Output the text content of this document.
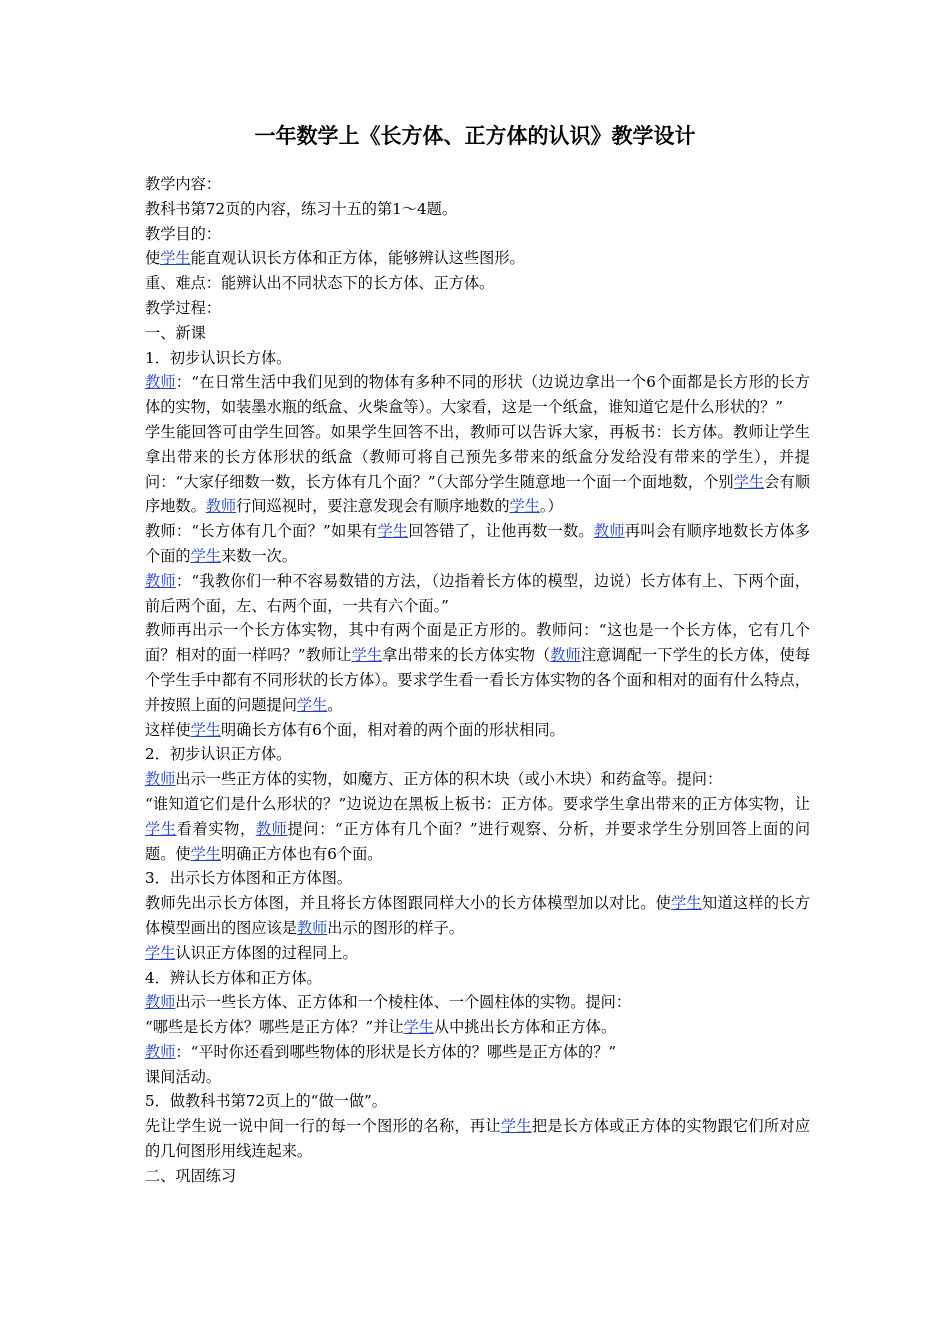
一年数学上《长方体、正方体的认识》教学设计

教学内容：

教科书第72页的内容，练习十五的第1～4题。

教学目的：

使学生能直观认识长方体和正方体，能够辨认这些图形。

重、难点：能辨认出不同状态下的长方体、正方体。

教学过程：

一、新课

1．初步认识长方体。

教师：“在日常生活中我们见到的物体有多种不同的形状（边说边拿出一个6个面都是长方形的长方体的实物，如装墨水瓶的纸盒、火柴盒等）。大家看，这是一个纸盒，谁知道它是什么形状的？”

学生能回答可由学生回答。如果学生回答不出，教师可以告诉大家，再板书：长方体。教师让学生拿出带来的长方体形状的纸盒（教师可将自己预先多带来的纸盒分发给没有带来的学生），并提问：“大家仔细数一数，长方体有几个面？”（大部分学生随意地一个面一个面地数，个别学生会有顺序地数。教师行间巡视时，要注意发现会有顺序地数的学生。）

教师：“长方体有几个面？”如果有学生回答错了，让他再数一数。教师再叫会有顺序地数长方体多个面的学生来数一次。

教师：“我教你们一种不容易数错的方法，（边指着长方体的模型，边说）长方体有上、下两个面，前后两个面，左、右两个面，一共有六个面。”

教师再出示一个长方体实物，其中有两个面是正方形的。教师问：“这也是一个长方体，它有几个面？相对的面一样吗？”教师让学生拿出带来的长方体实物（教师注意调配一下学生的长方体，使每个学生手中都有不同形状的长方体）。要求学生看一看长方体实物的各个面和相对的面有什么特点，并按照上面的问题提问学生。

这样使学生明确长方体有6个面，相对着的两个面的形状相同。

2．初步认识正方体。

教师出示一些正方体的实物，如魔方、正方体的积木块（或小木块）和药盒等。提问：

“谁知道它们是什么形状的？”边说边在黑板上板书：正方体。要求学生拿出带来的正方体实物，让学生看着实物，教师提问：“正方体有几个面？”进行观察、分析，并要求学生分别回答上面的问题。使学生明确正方体也有6个面。

3．出示长方体图和正方体图。

教师先出示长方体图，并且将长方体图跟同样大小的长方体模型加以对比。使学生知道这样的长方体模型画出的图应该是教师出示的图形的样子。

学生认识正方体图的过程同上。

4．辨认长方体和正方体。

教师出示一些长方体、正方体和一个棱柱体、一个圆柱体的实物。提问：

“哪些是长方体？哪些是正方体？”并让学生从中挑出长方体和正方体。

教师：“平时你还看到哪些物体的形状是长方体的？哪些是正方体的？”

课间活动。

5．做教科书第72页上的“做一做”。

先让学生说一说中间一行的每一个图形的名称，再让学生把是长方体或正方体的实物跟它们所对应的几何图形用线连起来。

二、巩固练习
